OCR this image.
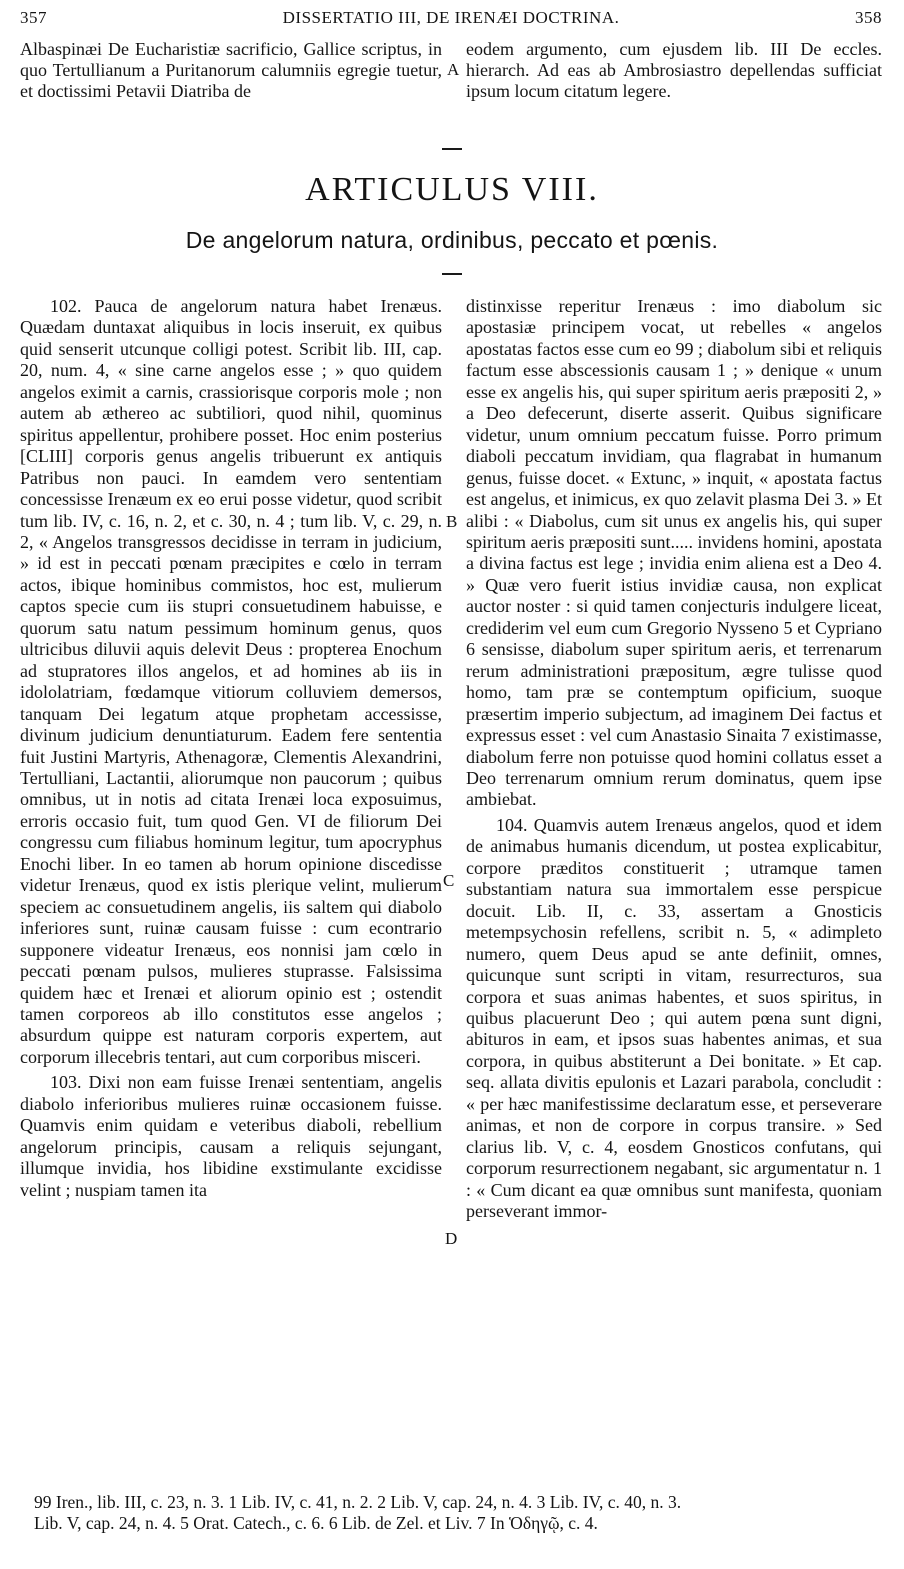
357	DISSERTATIO III, DE IRENÆI DOCTRINA.	358

Albaspinæi De Eucharistiæ sacrificio, Gallice scriptus, in quo Tertullianum a Puritanorum calumniis egregie tuetur, et doctissimi Petavii Diatriba de

A

eodem argumento, cum ejusdem lib. III De eccles. hierarch. Ad eas ab Ambrosiastro depellendas sufficiat ipsum locum citatum legere.

ARTICULUS VIII.
De angelorum natura, ordinibus, peccato et pœnis.

102. Pauca de angelorum natura habet Irenæus. Quædam duntaxat aliquibus in locis inseruit, ex quibus quid senserit utcunque colligi potest. Scribit lib. III, cap. 20, num. 4, « sine carne angelos esse ; » quo quidem angelos eximit a carnis, crassiorisque corporis mole ; non autem ab æthereo ac subtiliori, quod nihil, quominus spiritus appellentur, prohibere posset. Hoc enim posterius [CLIII] corporis genus angelis tribuerunt ex antiquis Patribus non pauci. In eamdem vero sententiam concessisse Irenæum ex eo erui posse videtur, quod scribit tum lib. IV, c. 16, n. 2, et c. 30, n. 4 ; tum lib. V, c. 29, n. 2, « Angelos transgressos decidisse in terram in judicium, » id est in peccati pœnam præcipites e cœlo in terram actos, ibique hominibus commistos, hoc est, mulierum captos specie cum iis stupri consuetudinem habuisse, e quorum satu natum pessimum hominum genus, quos ultricibus diluvii aquis delevit Deus : propterea Enochum ad stupratores illos angelos, et ad homines ab iis in idololatriam, fœdamque vitiorum colluviem demersos, tanquam Dei legatum atque prophetam accessisse, divinum judicium denuntiaturum. Eadem fere sententia fuit Justini Martyris, Athenagoræ, Clementis Alexandrini, Tertulliani, Lactantii, aliorumque non paucorum ; quibus omnibus, ut in notis ad citata Irenæi loca exposuimus, erroris occasio fuit, tum quod Gen. VI de filiorum Dei congressu cum filiabus hominum legitur, tum apocryphus Enochi liber. In eo tamen ab horum opinione discedisse videtur Irenæus, quod ex istis plerique velint, mulierum speciem ac consuetudinem angelis, iis saltem qui diabolo inferiores sunt, ruinæ causam fuisse : cum econtrario supponere videatur Irenæus, eos nonnisi jam cœlo in peccati pœnam pulsos, mulieres stuprasse. Falsissima quidem hæc et Irenæi et aliorum opinio est ; ostendit tamen corporeos ab illo constitutos esse angelos ; absurdum quippe est naturam corporis expertem, aut corporum illecebris tentari, aut cum corporibus misceri.

103. Dixi non eam fuisse Irenæi sententiam, angelis diabolo inferioribus mulieres ruinæ occasionem fuisse. Quamvis enim quidam e veteribus diaboli, rebellium angelorum principis, causam a reliquis sejungant, illumque invidia, hos libidine exstimulante excidisse velint ; nuspiam tamen ita

B
C
D

distinxisse reperitur Irenæus : imo diabolum sic apostasiæ principem vocat, ut rebelles « angelos apostatas factos esse cum eo 99 ; diabolum sibi et reliquis factum esse abscessionis causam 1 ; » denique « unum esse ex angelis his, qui super spiritum aeris præpositi 2, » a Deo defecerunt, diserte asserit. Quibus significare videtur, unum omnium peccatum fuisse. Porro primum diaboli peccatum invidiam, qua flagrabat in humanum genus, fuisse docet. « Extunc, » inquit, « apostata factus est angelus, et inimicus, ex quo zelavit plasma Dei 3. » Et alibi : « Diabolus, cum sit unus ex angelis his, qui super spiritum aeris præpositi sunt..... invidens homini, apostata a divina factus est lege ; invidia enim aliena est a Deo 4. » Quæ vero fuerit istius invidiæ causa, non explicat auctor noster : si quid tamen conjecturis indulgere liceat, crediderim vel eum cum Gregorio Nysseno 5 et Cypriano 6 sensisse, diabolum super spiritum aeris, et terrenarum rerum administrationi præpositum, ægre tulisse quod homo, tam præ se contemptum opificium, suoque præsertim imperio subjectum, ad imaginem Dei factus et expressus esset : vel cum Anastasio Sinaita 7 existimasse, diabolum ferre non potuisse quod homini collatus esset a Deo terrenarum omnium rerum dominatus, quem ipse ambiebat.

104. Quamvis autem Irenæus angelos, quod et idem de animabus humanis dicendum, ut postea explicabitur, corpore præditos constituerit ; utramque tamen substantiam natura sua immortalem esse perspicue docuit. Lib. II, c. 33, assertam a Gnosticis metempsychosin refellens, scribit n. 5, « adimpleto numero, quem Deus apud se ante definiit, omnes, quicunque sunt scripti in vitam, resurrecturos, sua corpora et suas animas habentes, et suos spiritus, in quibus placuerunt Deo ; qui autem pœna sunt digni, abituros in eam, et ipsos suas habentes animas, et sua corpora, in quibus abstiterunt a Dei bonitate. » Et cap. seq. allata divitis epulonis et Lazari parabola, concludit : « per hæc manifestissime declaratum esse, et perseverare animas, et non de corpore in corpus transire. » Sed clarius lib. V, c. 4, eosdem Gnosticos confutans, qui corporum resurrectionem negabant, sic argumentatur n. 1 : « Cum dicant ea quæ omnibus sunt manifesta, quoniam perseverant immor-

99 Iren., lib. III, c. 23, n. 3. 1 Lib. IV, c. 41, n. 2. 2 Lib. V, cap. 24, n. 4. 3 Lib. IV, c. 40, n. 3.

Lib. V, cap. 24, n. 4. 5 Orat. Catech., c. 6. 6 Lib. de Zel. et Liv. 7 In Ὁδηγῷ, c. 4.
